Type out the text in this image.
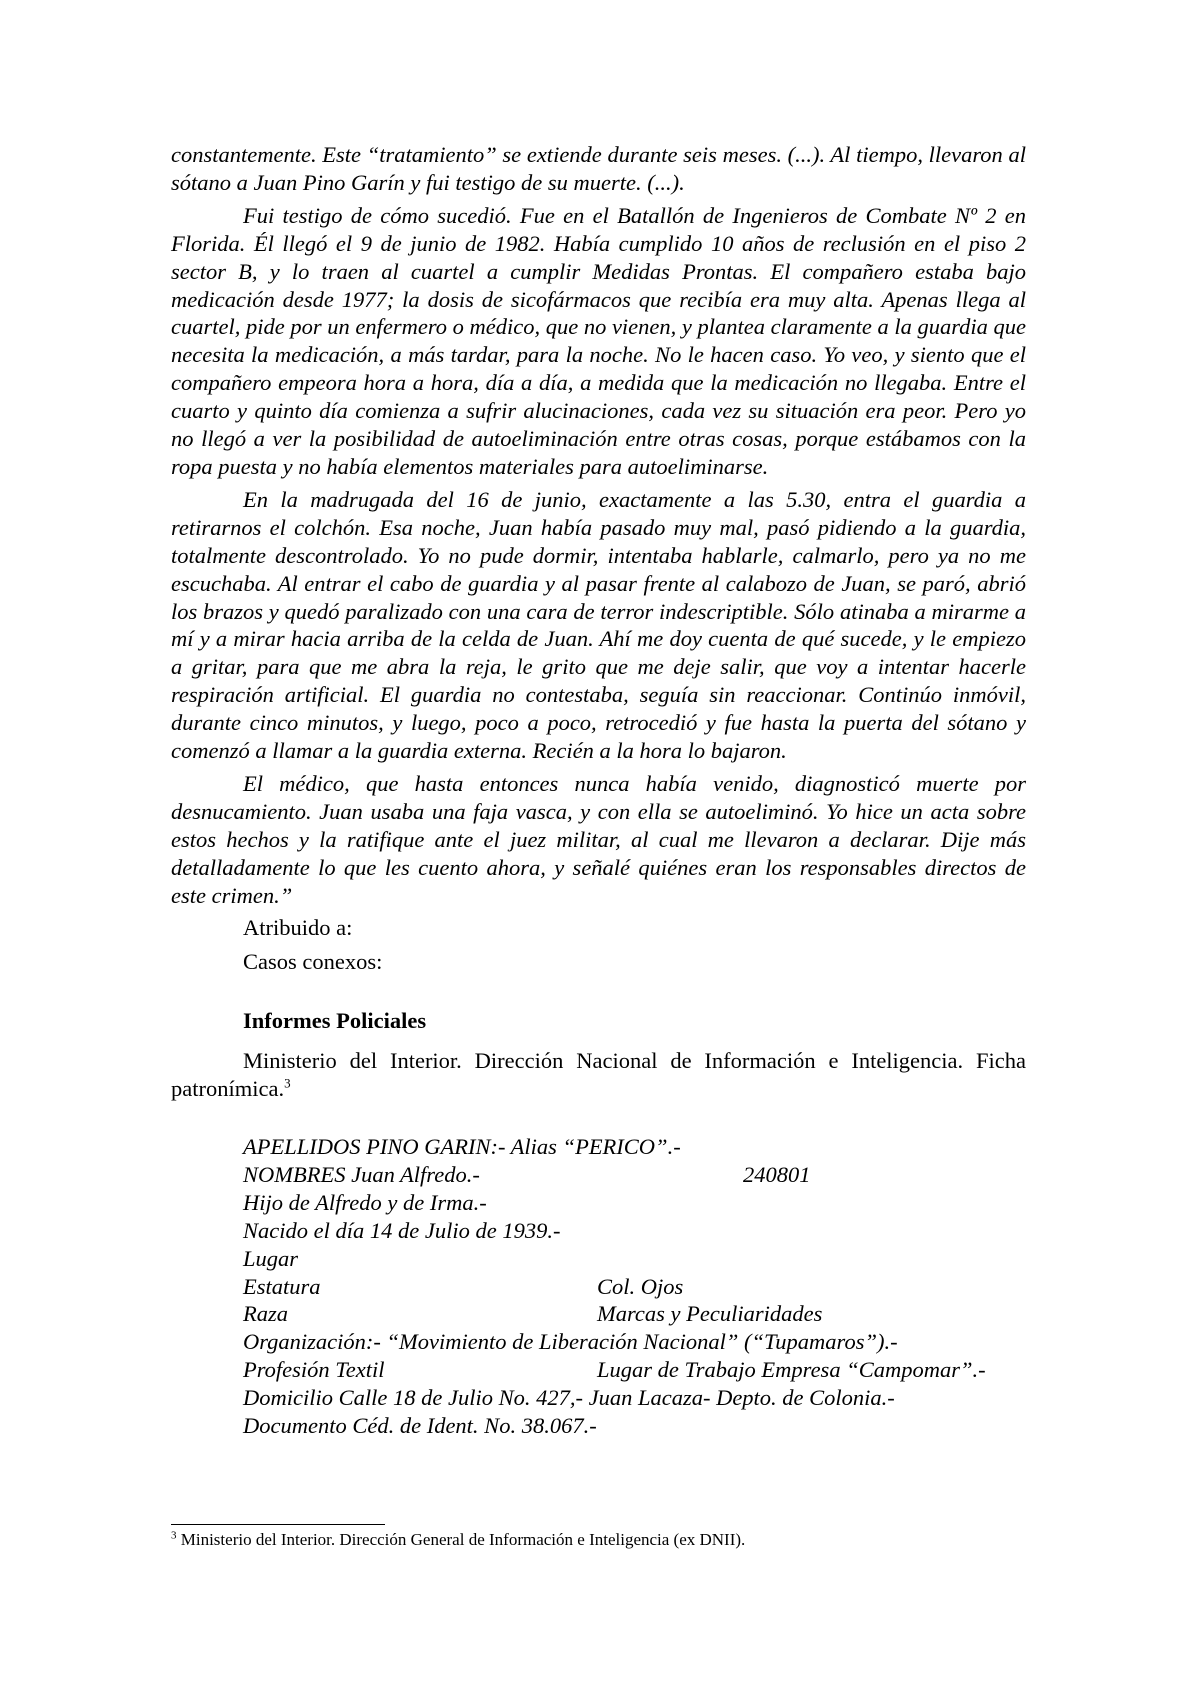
constantemente. Este “tratamiento” se extiende durante seis meses. (...). Al tiempo, llevaron al sótano a Juan Pino Garín y fui testigo de su muerte. (...).

Fui testigo de cómo sucedió. Fue en el Batallón de Ingenieros de Combate Nº 2 en Florida. Él llegó el 9 de junio de 1982. Había cumplido 10 años de reclusión en el piso 2 sector B, y lo traen al cuartel a cumplir Medidas Prontas. El compañero estaba bajo medicación desde 1977; la dosis de sicofármacos que recibía era muy alta. Apenas llega al cuartel, pide por un enfermero o médico, que no vienen, y plantea claramente a la guardia que necesita la medicación, a más tardar, para la noche. No le hacen caso. Yo veo, y siento que el compañero empeora hora a hora, día a día, a medida que la medicación no llegaba. Entre el cuarto y quinto día comienza a sufrir alucinaciones, cada vez su situación era peor. Pero yo no llegó a ver la posibilidad de autoeliminación entre otras cosas, porque estábamos con la ropa puesta y no había elementos materiales para autoeliminarse.

En la madrugada del 16 de junio, exactamente a las 5.30, entra el guardia a retirarnos el colchón. Esa noche, Juan había pasado muy mal, pasó pidiendo a la guardia, totalmente descontrolado. Yo no pude dormir, intentaba hablarle, calmarlo, pero ya no me escuchaba. Al entrar el cabo de guardia y al pasar frente al calabozo de Juan, se paró, abrió los brazos y quedó paralizado con una cara de terror indescriptible. Sólo atinaba a mirarme a mí y a mirar hacia arriba de la celda de Juan. Ahí me doy cuenta de qué sucede, y le empiezo a gritar, para que me abra la reja, le grito que me deje salir, que voy a intentar hacerle respiración artificial. El guardia no contestaba, seguía sin reaccionar. Continúo inmóvil, durante cinco minutos, y luego, poco a poco, retrocedió y fue hasta la puerta del sótano y comenzó a llamar a la guardia externa. Recién a la hora lo bajaron.

El médico, que hasta entonces nunca había venido, diagnosticó muerte por desnucamiento. Juan usaba una faja vasca, y con ella se autoeliminó. Yo hice un acta sobre estos hechos y la ratifique ante el juez militar, al cual me llevaron a declarar. Dije más detalladamente lo que les cuento ahora, y señalé quiénes eran los responsables directos de este crimen.”

Atribuido a:
Casos conexos:
Informes Policiales

Ministerio del Interior. Dirección Nacional de Información e Inteligencia. Ficha patronímica.$^3$

APELLIDOS PINO GARIN:- Alias “PERICO”.-
NOMBRES Juan Alfredo.-	240801
Hijo de Alfredo y de Irma.-
Nacido el día 14 de Julio de 1939.-
Lugar
Estatura	Col. Ojos
Raza	Marcas y Peculiaridades
Organización:- “Movimiento de Liberación Nacional” (“Tupamaros”).-
Profesión Textil	Lugar de Trabajo Empresa “Campomar”.-
Domicilio Calle 18 de Julio No. 427,- Juan Lacaza- Depto. de Colonia.-
Documento Céd. de Ident. No. 38.067.-
$^3$ Ministerio del Interior. Dirección General de Información e Inteligencia (ex DNII).
